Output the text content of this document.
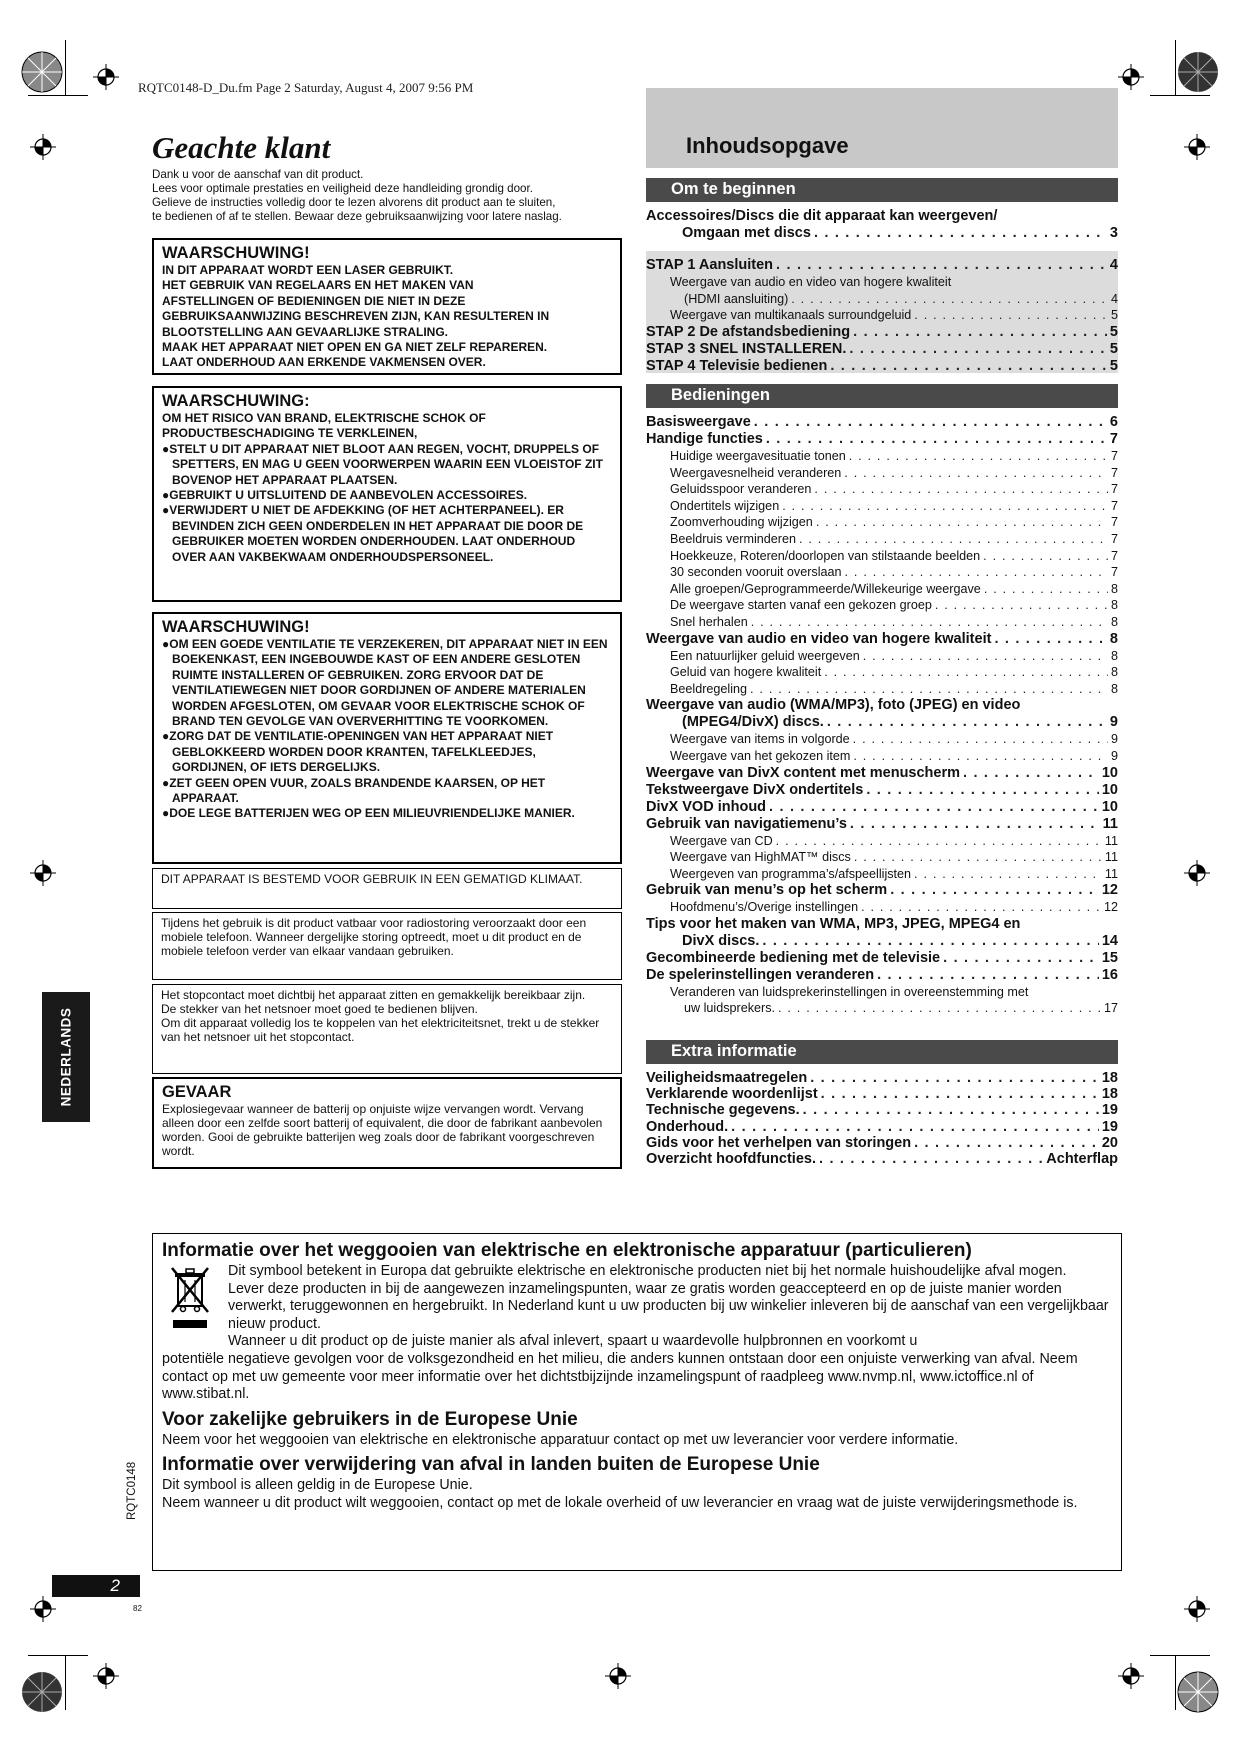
RQTC0148-D_Du.fm Page 2 Saturday, August 4, 2007 9:56 PM
Geachte klant
Dank u voor de aanschaf van dit product.
Lees voor optimale prestaties en veiligheid deze handleiding grondig door.
Gelieve de instructies volledig door te lezen alvorens dit product aan te sluiten,
te bedienen of af te stellen. Bewaar deze gebruiksaanwijzing voor latere naslag.
WAARSCHUWING!
IN DIT APPARAAT WORDT EEN LASER GEBRUIKT.
HET GEBRUIK VAN REGELAARS EN HET MAKEN VAN
AFSTELLINGEN OF BEDIENINGEN DIE NIET IN DEZE
GEBRUIKSAANWIJZING BESCHREVEN ZIJN, KAN RESULTEREN IN
BLOOTSTELLING AAN GEVAARLIJKE STRALING.
MAAK HET APPARAAT NIET OPEN EN GA NIET ZELF REPAREREN.
LAAT ONDERHOUD AAN ERKENDE VAKMENSEN OVER.
WAARSCHUWING:
OM HET RISICO VAN BRAND, ELEKTRISCHE SCHOK OF PRODUCTBESCHADIGING TE VERKLEINEN,
●STELT U DIT APPARAAT NIET BLOOT AAN REGEN, VOCHT, DRUPPELS OF SPETTERS, EN MAG U GEEN VOORWERPEN WAARIN EEN VLOEISTOF ZIT BOVENOP HET APPARAAT PLAATSEN.
●GEBRUIKT U UITSLUITEND DE AANBEVOLEN ACCESSOIRES.
●VERWIJDERT U NIET DE AFDEKKING (OF HET ACHTERPANEEL). ER BEVINDEN ZICH GEEN ONDERDELEN IN HET APPARAAT DIE DOOR DE GEBRUIKER MOETEN WORDEN ONDERHOUDEN. LAAT ONDERHOUD OVER AAN VAKBEKWAAM ONDERHOUDSPERSONEEL.
WAARSCHUWING!
●OM EEN GOEDE VENTILATIE TE VERZEKEREN, DIT APPARAAT NIET IN EEN BOEKENKAST, EEN INGEBOUWDE KAST OF EEN ANDERE GESLOTEN RUIMTE INSTALLEREN OF GEBRUIKEN. ZORG ERVOOR DAT DE VENTILATIEWEGEN NIET DOOR GORDIJNEN OF ANDERE MATERIALEN WORDEN AFGESLOTEN, OM GEVAAR VOOR ELEKTRISCHE SCHOK OF BRAND TEN GEVOLGE VAN OVERVERHITTING TE VOORKOMEN.
●ZORG DAT DE VENTILATIE-OPENINGEN VAN HET APPARAAT NIET GEBLOKKEERD WORDEN DOOR KRANTEN, TAFELKLEEDJES, GORDIJNEN, OF IETS DERGELIJKS.
●ZET GEEN OPEN VUUR, ZOALS BRANDENDE KAARSEN, OP HET APPARAAT.
●DOE LEGE BATTERIJEN WEG OP EEN MILIEUVRIENDELIJKE MANIER.
DIT APPARAAT IS BESTEMD VOOR GEBRUIK IN EEN GEMATIGD KLIMAAT.
Tijdens het gebruik is dit product vatbaar voor radiostoring veroorzaakt door een mobiele telefoon. Wanneer dergelijke storing optreedt, moet u dit product en de mobiele telefoon verder van elkaar vandaan gebruiken.
Het stopcontact moet dichtbij het apparaat zitten en gemakkelijk bereikbaar zijn.
De stekker van het netsnoer moet goed te bedienen blijven.
Om dit apparaat volledig los te koppelen van het elektriciteitsnet, trekt u de stekker van het netsnoer uit het stopcontact.
GEVAAR
Explosiegevaar wanneer de batterij op onjuiste wijze vervangen wordt. Vervang alleen door een zelfde soort batterij of equivalent, die door de fabrikant aanbevolen worden. Gooi de gebruikte batterijen weg zoals door de fabrikant voorgeschreven wordt.
NEDERLANDS
Inhoudsopgave
Om te beginnen
Accessoires/Discs die dit apparaat kan weergeven/
Omgaan met discs . . .	3
STAP 1 Aansluiten . . .	4
Weergave van audio en video van hogere kwaliteit
(HDMI aansluiting) . . .	4
Weergave van multikanaals surroundgeluid . . .	5
STAP 2 De afstandsbediening . . .	5
STAP 3 SNEL INSTALLEREN. . . .	5
STAP 4 Televisie bedienen . . .	5
Bedieningen
Basisweergave . . .	6
Handige functies . . .	7
Huidige weergavesituatie tonen . . .	7
Weergavesnelheid veranderen . . .	7
Geluidsspoor veranderen . . .	7
Ondertitels wijzigen . . .	7
Zoomverhouding wijzigen . . .	7
Beeldruis verminderen . . .	7
Hoekkeuze, Roteren/doorlopen van stilstaande beelden . . .	7
30 seconden vooruit overslaan . . .	7
Alle groepen/Geprogrammeerde/Willekeurige weergave . . .	8
De weergave starten vanaf een gekozen groep . . .	8
Snel herhalen . . .	8
Weergave van audio en video van hogere kwaliteit . . .	8
Een natuurlijker geluid weergeven . . .	8
Geluid van hogere kwaliteit . . .	8
Beeldregeling . . .	8
Weergave van audio (WMA/MP3), foto (JPEG) en video
(MPEG4/DivX) discs. . . .	9
Weergave van items in volgorde . . .	9
Weergave van het gekozen item . . .	9
Weergave van DivX content met menuscherm . . .	10
Tekstweergave DivX ondertitels . . .	10
DivX VOD inhoud . . .	10
Gebruik van navigatiemenu’s . . .	11
Weergave van CD . . .	11
Weergave van HighMAT™ discs . . .	11
Weergeven van programma’s/afspeellijsten . . .	11
Gebruik van menu’s op het scherm . . .	12
Hoofdmenu’s/Overige instellingen . . .	12
Tips voor het maken van WMA, MP3, JPEG, MPEG4 en
DivX discs. . . .	14
Gecombineerde bediening met de televisie . . .	15
De spelerinstellingen veranderen . . .	16
Veranderen van luidsprekerinstellingen in overeenstemming met
uw luidsprekers. . . .	17
Extra informatie
Veiligheidsmaatregelen . . .	18
Verklarende woordenlijst . . .	18
Technische gegevens. . . .	19
Onderhoud. . . .	19
Gids voor het verhelpen van storingen . . .	20
Overzicht hoofdfuncties. . . .	Achterflap
Informatie over het weggooien van elektrische en elektronische apparatuur (particulieren)

Dit symbool betekent in Europa dat gebruikte elektrische en elektronische producten niet bij het normale huishoudelijke afval mogen.

Lever deze producten in bij de aangewezen inzamelingspunten, waar ze gratis worden geaccepteerd en op de juiste manier worden verwerkt, teruggewonnen en hergebruikt. In Nederland kunt u uw producten bij uw winkelier inleveren bij de aanschaf van een vergelijkbaar nieuw product.

Wanneer u dit product op de juiste manier als afval inlevert, spaart u waardevolle hulpbronnen en voorkomt u

potentiële negatieve gevolgen voor de volksgezondheid en het milieu, die anders kunnen ontstaan door een onjuiste verwerking van afval. Neem contact op met uw gemeente voor meer informatie over het dichtstbijzijnde inzamelingspunt of raadpleeg www.nvmp.nl, www.ictoffice.nl of www.stibat.nl.

Voor zakelijke gebruikers in de Europese Unie

Neem voor het weggooien van elektrische en elektronische apparatuur contact op met uw leverancier voor verdere informatie.

Informatie over verwijdering van afval in landen buiten de Europese Unie

Dit symbool is alleen geldig in de Europese Unie.

Neem wanneer u dit product wilt weggooien, contact op met de lokale overheid of uw leverancier en vraag wat de juiste verwijderingsmethode is.

RQTC0148
2
82
